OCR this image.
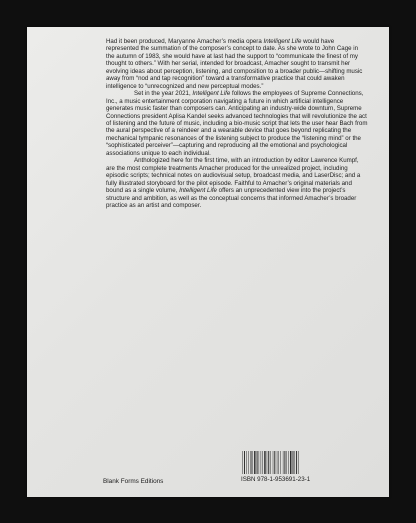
Had it been produced, Maryanne Amacher’s media opera Intelligent Life would have represented the summation of the composer’s concept to date. As she wrote to John Cage in the autumn of 1983, she would have at last had the support to “communicate the finest of my thought to others.” With her serial, intended for broadcast, Amacher sought to transmit her evolving ideas about perception, listening, and composition to a broader public—shifting music away from “nod and tap recognition” toward a transformative practice that could awaken intelligence to “unrecognized and new perceptual modes.”

Set in the year 2021, Intelligent Life follows the employees of Supreme Connections, Inc., a music entertainment corporation navigating a future in which artificial intelligence generates music faster than composers can. Anticipating an industry-wide downturn, Supreme Connections president Aplisa Kandel seeks advanced technologies that will revolutionize the act of listening and the future of music, including a bio-music script that lets the user hear Bach from the aural perspective of a reindeer and a wearable device that goes beyond replicating the mechanical tympanic resonances of the listening subject to produce the “listening mind” or the “sophisticated perceiver”—capturing and reproducing all the emotional and psychological associations unique to each individual.

Anthologized here for the first time, with an introduction by editor Lawrence Kumpf, are the most complete treatments Amacher produced for the unrealized project, including episodic scripts; technical notes on audiovisual setup, broadcast media, and LaserDisc; and a fully illustrated storyboard for the pilot episode. Faithful to Amacher’s original materials and bound as a single volume, Intelligent Life offers an unprecedented view into the project’s structure and ambition, as well as the conceptual concerns that informed Amacher’s broader practice as an artist and composer.

Blank Forms Editions	ISBN 978-1-953691-23-1
